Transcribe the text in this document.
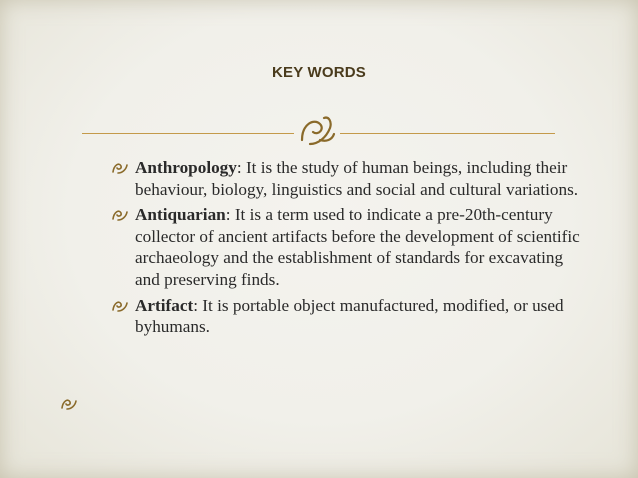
KEY WORDS
Anthropology: It is the study of human beings, including their behaviour, biology, linguistics and social and cultural variations.
Antiquarian: It is a term used to indicate a pre-20th-century collector of ancient artifacts before the development of scientific archaeology and the establishment of standards for excavating and preserving finds.
Artifact: It is portable object manufactured, modified, or used byhumans.
